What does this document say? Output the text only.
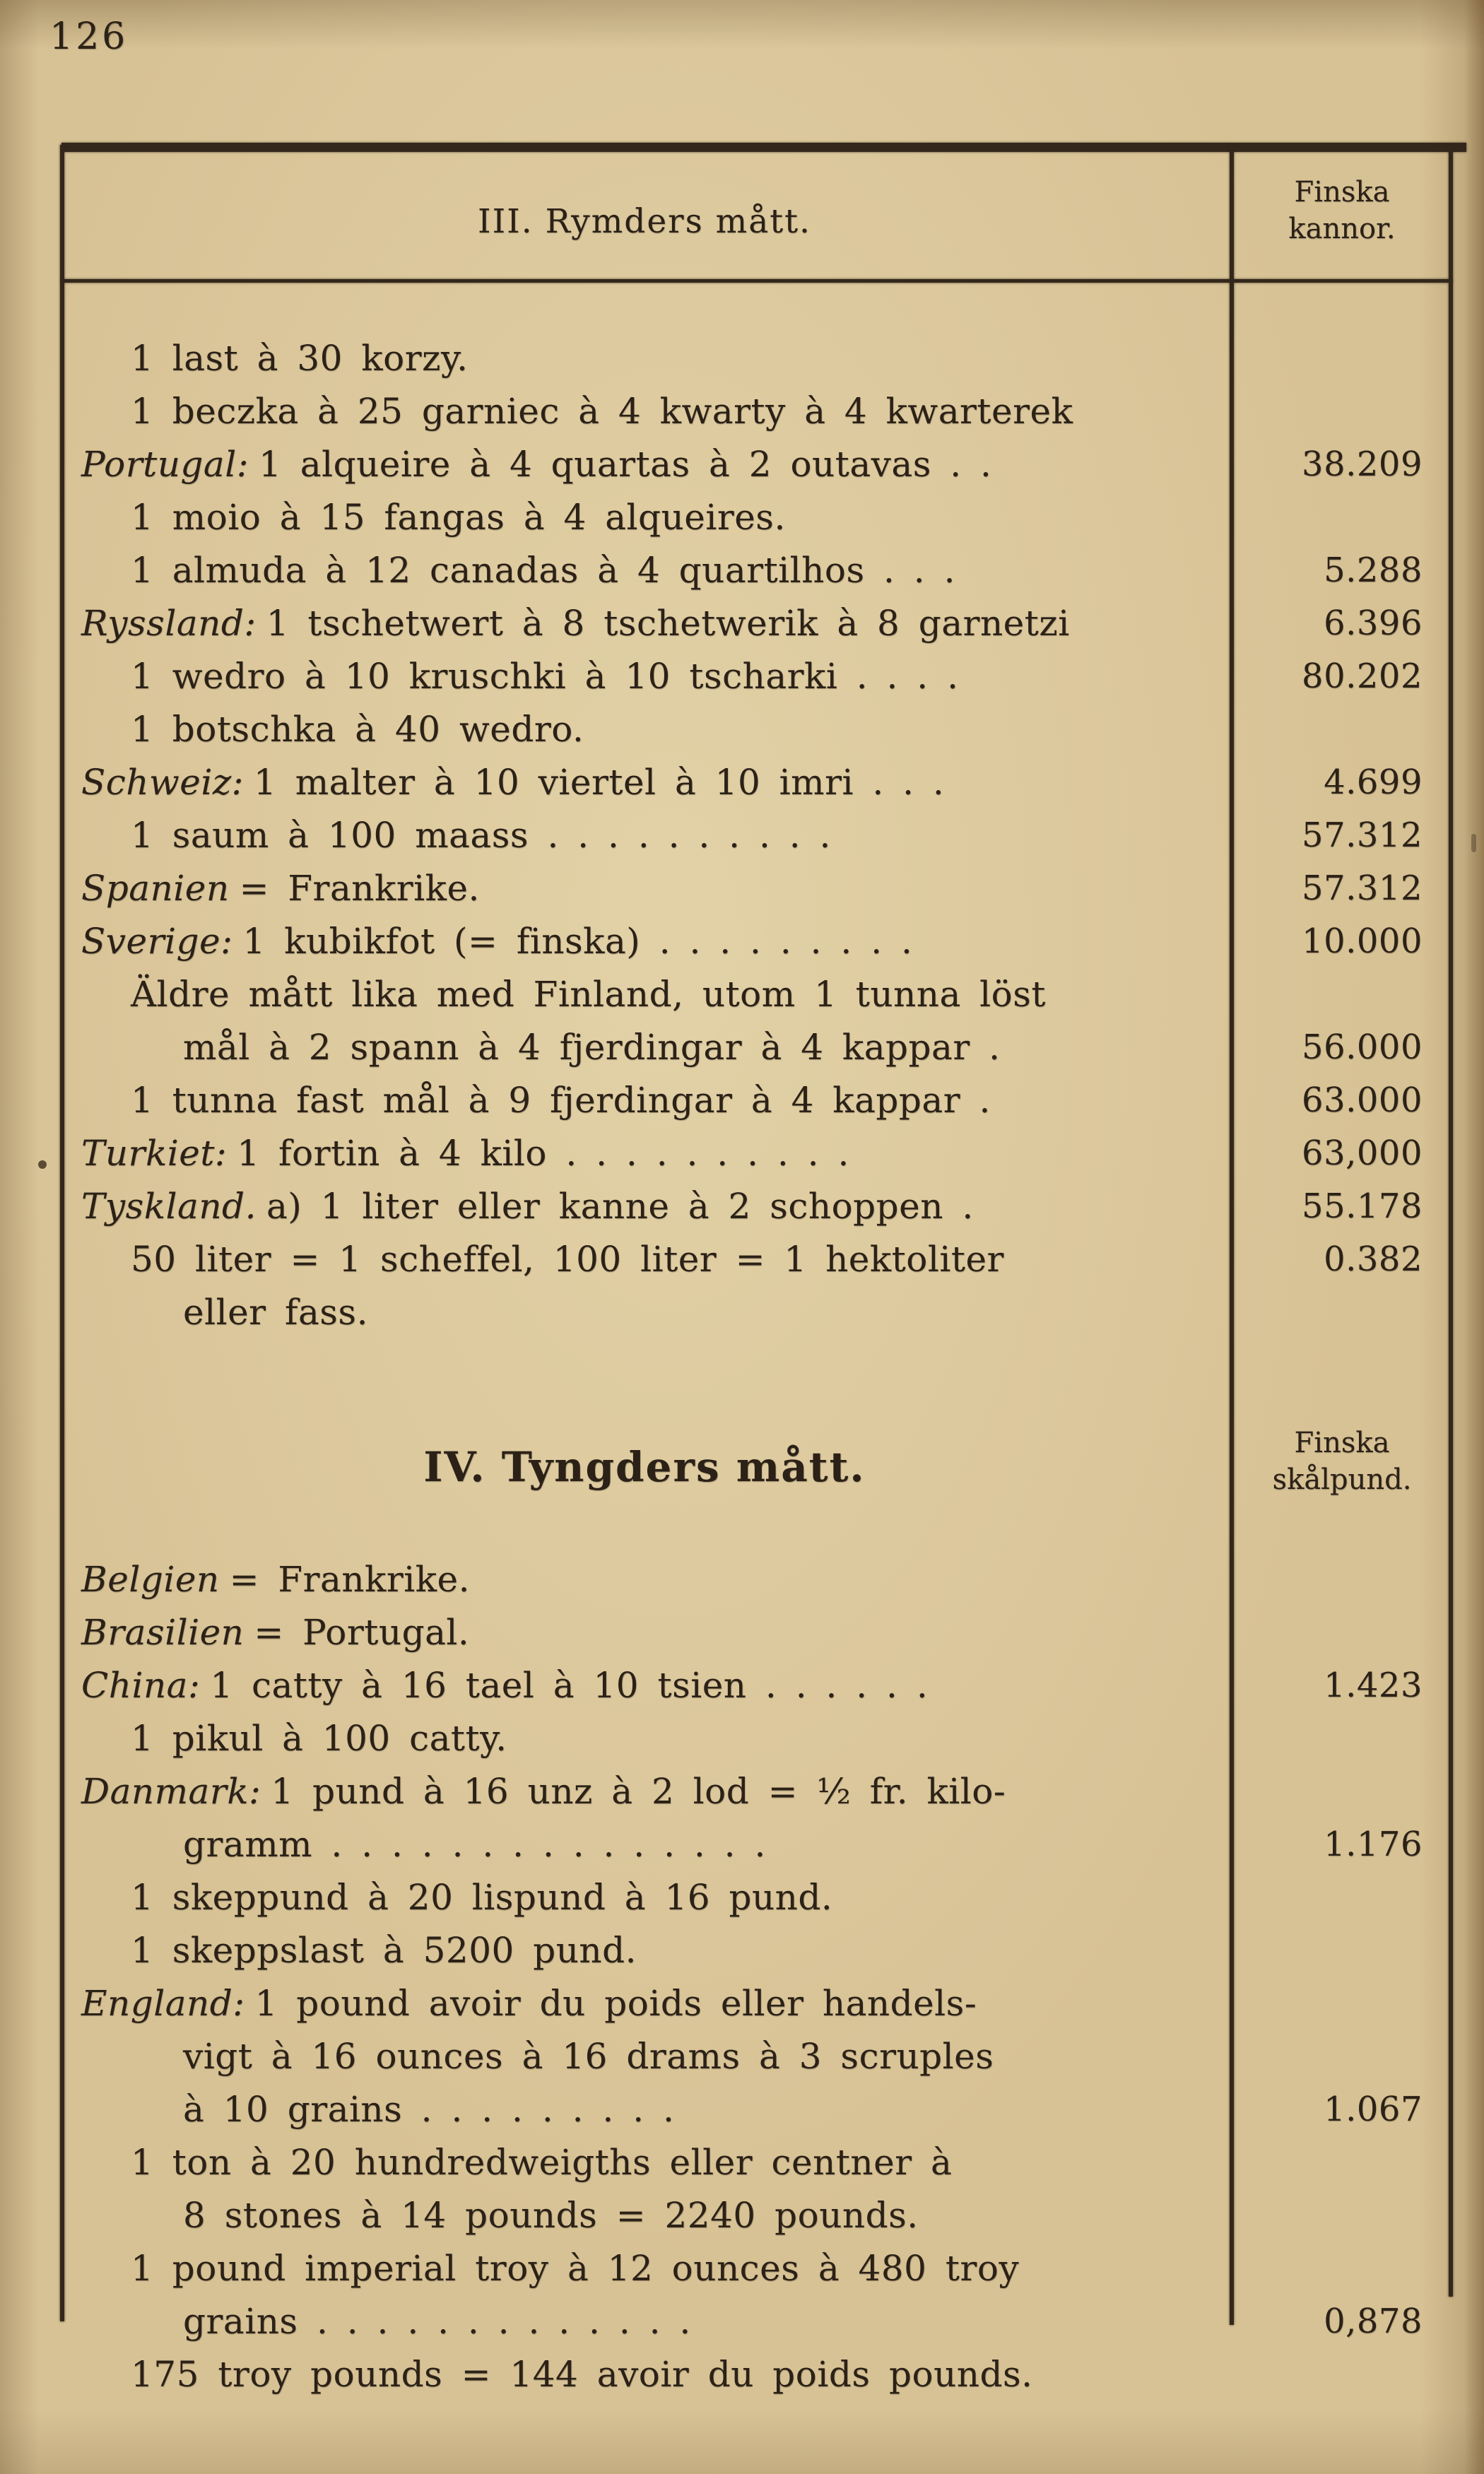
126
III. Rymders mått.
Finska
kannor.
1 last à 30 korzy.
1 beczka à 25 garniec à 4 kwarty à 4 kwarterek
Portugal: 1 alqueire à 4 quartas à 2 outavas . .	38.209
1 moio à 15 fangas à 4 alqueires.
1 almuda à 12 canadas à 4 quartilhos . . .	5.288
Ryssland: 1 tschetwert à 8 tschetwerik à 8 garnetzi	6.396
1 wedro à 10 kruschki à 10 tscharki . . . .	80.202
1 botschka à 40 wedro.
Schweiz: 1 malter à 10 viertel à 10 imri . . .	4.699
1 saum à 100 maass . . . . . . . . . .	57.312
Spanien = Frankrike.	57.312
Sverige: 1 kubikfot (= finska) . . . . . . . . .	10.000
Äldre mått lika med Finland, utom 1 tunna löst
mål à 2 spann à 4 fjerdingar à 4 kappar .	56.000
1 tunna fast mål à 9 fjerdingar à 4 kappar .	63.000
Turkiet: 1 fortin à 4 kilo . . . . . . . . . .	63,000
Tyskland. a) 1 liter eller kanne à 2 schoppen .	55.178
50 liter = 1 scheffel, 100 liter = 1 hektoliter	0.382
eller fass.
IV. Tyngders mått.	Finska
skålpund.
Belgien = Frankrike.
Brasilien = Portugal.
China: 1 catty à 16 tael à 10 tsien . . . . . .	1.423
1 pikul à 100 catty.
Danmark: 1 pund à 16 unz à 2 lod = ½ fr. kilo-
gramm . . . . . . . . . . . . . . .	1.176
1 skeppund à 20 lispund à 16 pund.
1 skeppslast à 5200 pund.
England: 1 pound avoir du poids eller handels-
vigt à 16 ounces à 16 drams à 3 scruples
à 10 grains . . . . . . . . .	1.067
1 ton à 20 hundredweigths eller centner à
8 stones à 14 pounds = 2240 pounds.
1 pound imperial troy à 12 ounces à 480 troy
grains . . . . . . . . . . . . .	0,878
175 troy pounds = 144 avoir du poids pounds.
